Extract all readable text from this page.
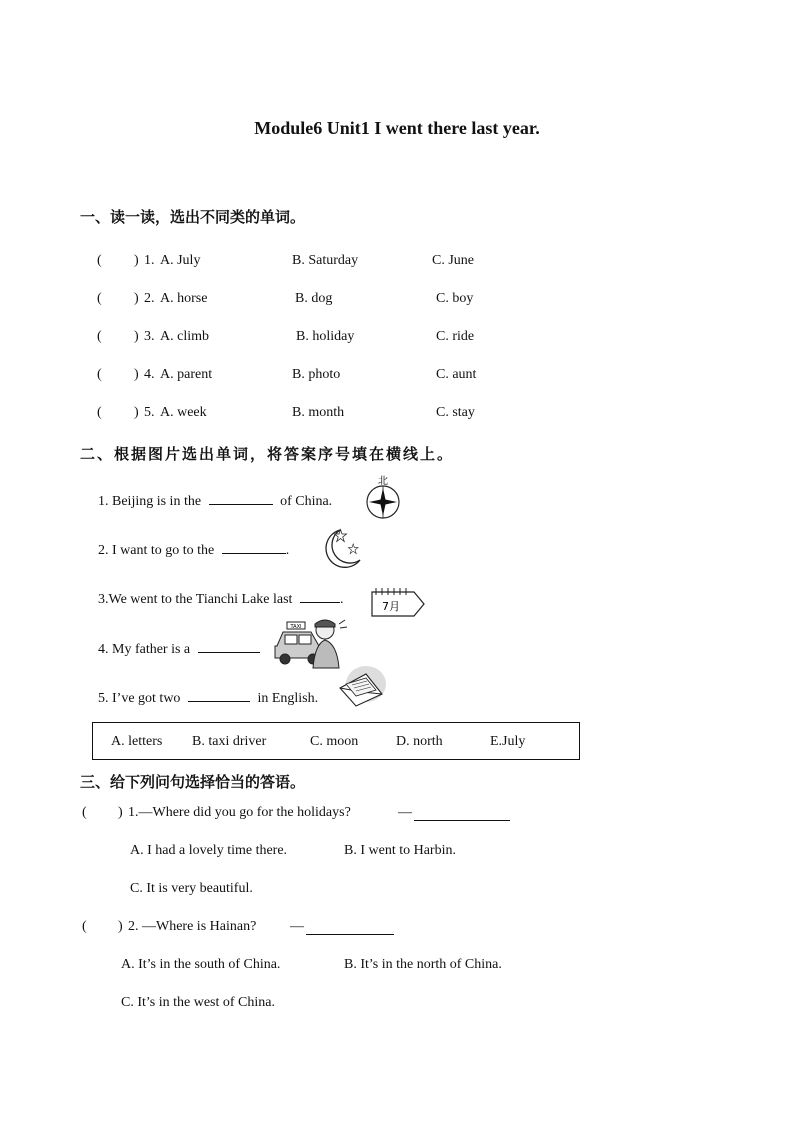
Module6 Unit1 I went there last year.
一、读一读，选出不同类的单词。
( ) 1. A. July	B. Saturday	C. June
( ) 2. A. horse	B. dog	C. boy
( ) 3. A. climb	B. holiday	C. ride
( ) 4. A. parent	B. photo	C. aunt
( ) 5. A. week	B. month	C. stay
二、根据图片选出单词，将答案序号填在横线上。
1. Beijing is in the	of China.
2. I want to go to the	.
3.We went to the Tianchi Lake last	.
4. My father is a
5. I’ve got two	in English.
北
7月
TAXI
A. letters B. taxi driver	C. moon	D. north	E.July
三、给下列问句选择恰当的答语。
( ) 1.—Where did you go for the holidays?	—
A. I had a lovely time there.	B. I went to Harbin.
C. It is very beautiful.
( ) 2. —Where is Hainan? —
A. It’s in the south of China.	B. It’s in the north of China.
C. It’s in the west of China.
